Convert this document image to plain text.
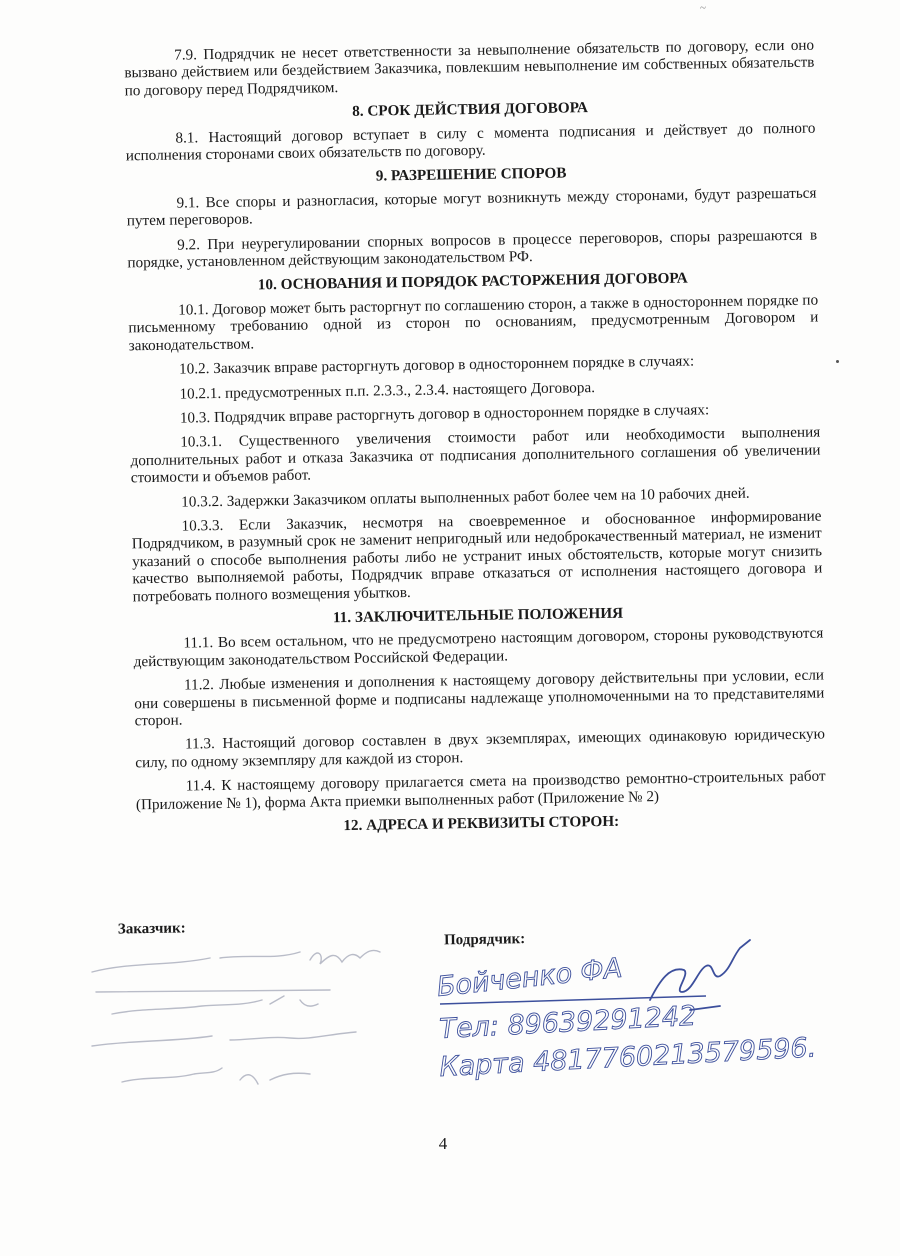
~

7.9. Подрядчик не несет ответственности за невыполнение обязательств по договору, если оно вызвано действием или бездействием Заказчика, повлекшим невыполнение им собственных обязательств по договору перед Подрядчиком.

8. СРОК ДЕЙСТВИЯ ДОГОВОРА

8.1. Настоящий договор вступает в силу с момента подписания и действует до полного исполнения сторонами своих обязательств по договору.

9. РАЗРЕШЕНИЕ СПОРОВ

9.1. Все споры и разногласия, которые могут возникнуть между сторонами, будут разрешаться путем переговоров.

9.2. При неурегулировании спорных вопросов в процессе переговоров, споры разрешаются в порядке, установленном действующим законодательством РФ.

10. ОСНОВАНИЯ И ПОРЯДОК РАСТОРЖЕНИЯ ДОГОВОРА

10.1. Договор может быть расторгнут по соглашению сторон, а также в одностороннем порядке по письменному требованию одной из сторон по основаниям, предусмотренным Договором и законодательством.

10.2. Заказчик вправе расторгнуть договор в одностороннем порядке в случаях:

10.2.1. предусмотренных п.п. 2.3.3., 2.3.4. настоящего Договора.

10.3. Подрядчик вправе расторгнуть договор в одностороннем порядке в случаях:

10.3.1. Существенного увеличения стоимости работ или необходимости выполнения дополнительных работ и отказа Заказчика от подписания дополнительного соглашения об увеличении стоимости и объемов работ.

10.3.2. Задержки Заказчиком оплаты выполненных работ более чем на 10 рабочих дней.

10.3.3. Если Заказчик, несмотря на своевременное и обоснованное информирование Подрядчиком, в разумный срок не заменит непригодный или недоброкачественный материал, не изменит указаний о способе выполнения работы либо не устранит иных обстоятельств, которые могут снизить качество выполняемой работы, Подрядчик вправе отказаться от исполнения настоящего договора и потребовать полного возмещения убытков.

11. ЗАКЛЮЧИТЕЛЬНЫЕ ПОЛОЖЕНИЯ

11.1. Во всем остальном, что не предусмотрено настоящим договором, стороны руководствуются действующим законодательством Российской Федерации.

11.2. Любые изменения и дополнения к настоящему договору действительны при условии, если они совершены в письменной форме и подписаны надлежаще уполномоченными на то представителями сторон.

11.3. Настоящий договор составлен в двух экземплярах, имеющих одинаковую юридическую силу, по одному экземпляру для каждой из сторон.

11.4. К настоящему договору прилагается смета на производство ремонтно-строительных работ (Приложение № 1), форма Акта приемки выполненных работ (Приложение № 2)

12. АДРЕСА И РЕКВИЗИТЫ СТОРОН:
Заказчик:
Подрядчик:
Бойченко ФА
Тел: 89639291242
Карта 4817760213579596.
4
